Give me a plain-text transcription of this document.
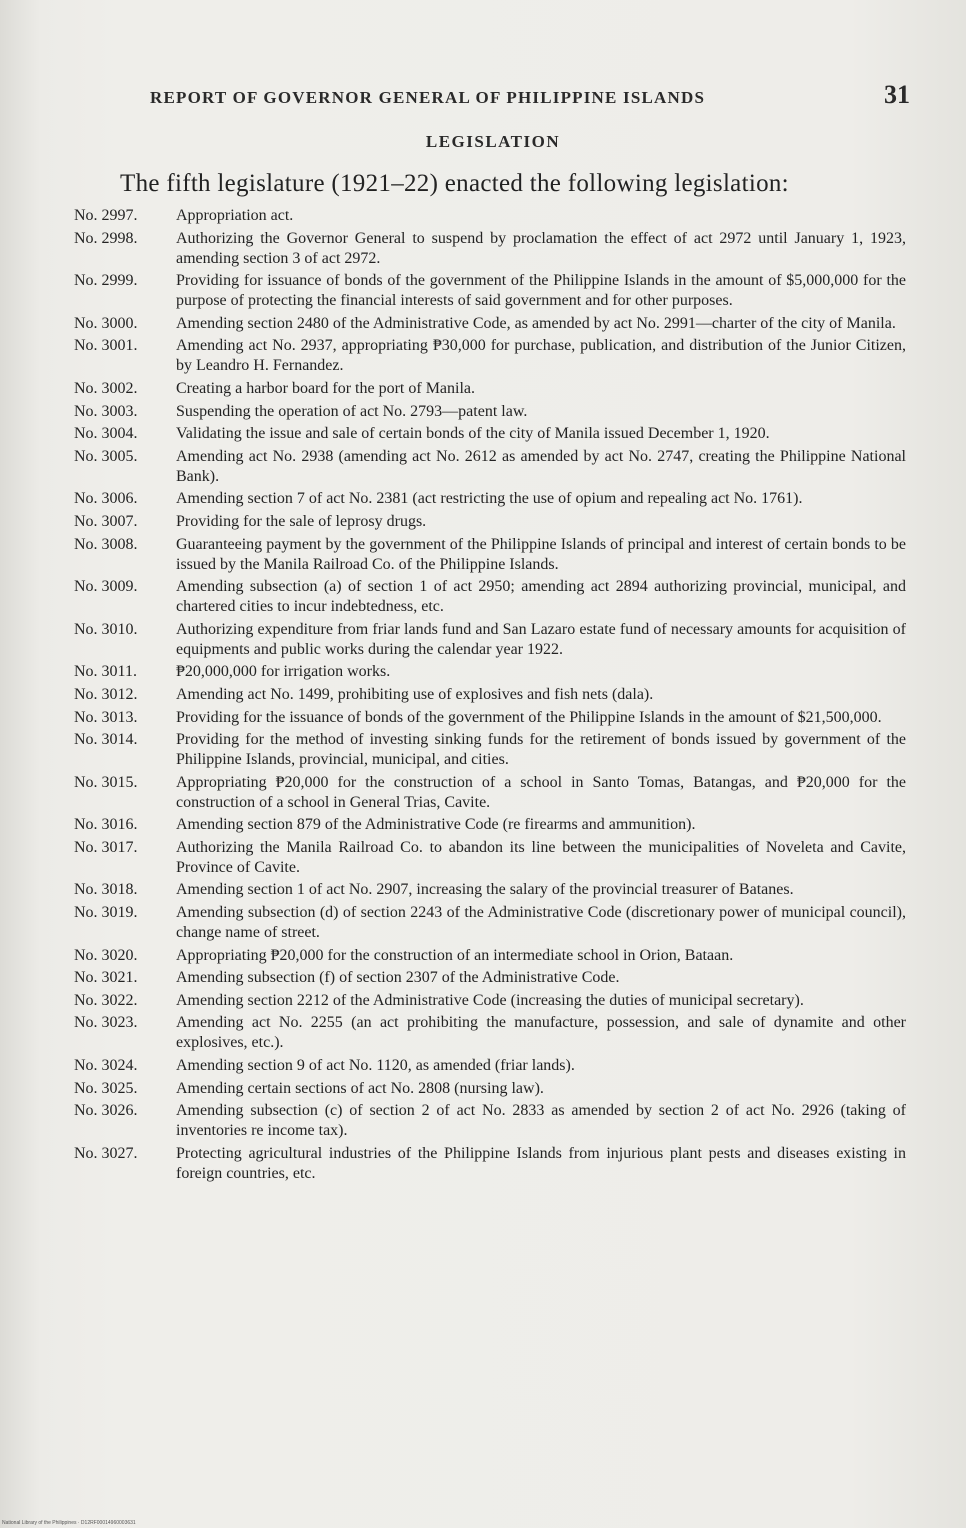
REPORT OF GOVERNOR GENERAL OF PHILIPPINE ISLANDS	31
LEGISLATION
The fifth legislature (1921–22) enacted the following legislation:
No. 2997.	Appropriation act.
No. 2998.	Authorizing the Governor General to suspend by proclamation the effect of act 2972 until January 1, 1923, amending section 3 of act 2972.
No. 2999.	Providing for issuance of bonds of the government of the Philippine Islands in the amount of $5,000,000 for the purpose of protecting the financial interests of said government and for other purposes.
No. 3000.	Amending section 2480 of the Administrative Code, as amended by act No. 2991—charter of the city of Manila.
No. 3001.	Amending act No. 2937, appropriating ₱30,000 for purchase, publication, and distribution of the Junior Citizen, by Leandro H. Fernandez.
No. 3002.	Creating a harbor board for the port of Manila.
No. 3003.	Suspending the operation of act No. 2793—patent law.
No. 3004.	Validating the issue and sale of certain bonds of the city of Manila issued December 1, 1920.
No. 3005.	Amending act No. 2938 (amending act No. 2612 as amended by act No. 2747, creating the Philippine National Bank).
No. 3006.	Amending section 7 of act No. 2381 (act restricting the use of opium and repealing act No. 1761).
No. 3007.	Providing for the sale of leprosy drugs.
No. 3008.	Guaranteeing payment by the government of the Philippine Islands of principal and interest of certain bonds to be issued by the Manila Railroad Co. of the Philippine Islands.
No. 3009.	Amending subsection (a) of section 1 of act 2950; amending act 2894 authorizing provincial, municipal, and chartered cities to incur indebtedness, etc.
No. 3010.	Authorizing expenditure from friar lands fund and San Lazaro estate fund of necessary amounts for acquisition of equipments and public works during the calendar year 1922.
No. 3011.	₱20,000,000 for irrigation works.
No. 3012.	Amending act No. 1499, prohibiting use of explosives and fish nets (dala).
No. 3013.	Providing for the issuance of bonds of the government of the Philippine Islands in the amount of $21,500,000.
No. 3014.	Providing for the method of investing sinking funds for the retirement of bonds issued by government of the Philippine Islands, provincial, municipal, and cities.
No. 3015.	Appropriating ₱20,000 for the construction of a school in Santo Tomas, Batangas, and ₱20,000 for the construction of a school in General Trias, Cavite.
No. 3016.	Amending section 879 of the Administrative Code (re firearms and ammunition).
No. 3017.	Authorizing the Manila Railroad Co. to abandon its line between the municipalities of Noveleta and Cavite, Province of Cavite.
No. 3018.	Amending section 1 of act No. 2907, increasing the salary of the provincial treasurer of Batanes.
No. 3019.	Amending subsection (d) of section 2243 of the Administrative Code (discretionary power of municipal council), change name of street.
No. 3020.	Appropriating ₱20,000 for the construction of an intermediate school in Orion, Bataan.
No. 3021.	Amending subsection (f) of section 2307 of the Administrative Code.
No. 3022.	Amending section 2212 of the Administrative Code (increasing the duties of municipal secretary).
No. 3023.	Amending act No. 2255 (an act prohibiting the manufacture, possession, and sale of dynamite and other explosives, etc.).
No. 3024.	Amending section 9 of act No. 1120, as amended (friar lands).
No. 3025.	Amending certain sections of act No. 2808 (nursing law).
No. 3026.	Amending subsection (c) of section 2 of act No. 2833 as amended by section 2 of act No. 2926 (taking of inventories re income tax).
No. 3027.	Protecting agricultural industries of the Philippine Islands from injurious plant pests and diseases existing in foreign countries, etc.
National Library of the Philippines · D12RF00014960003631
